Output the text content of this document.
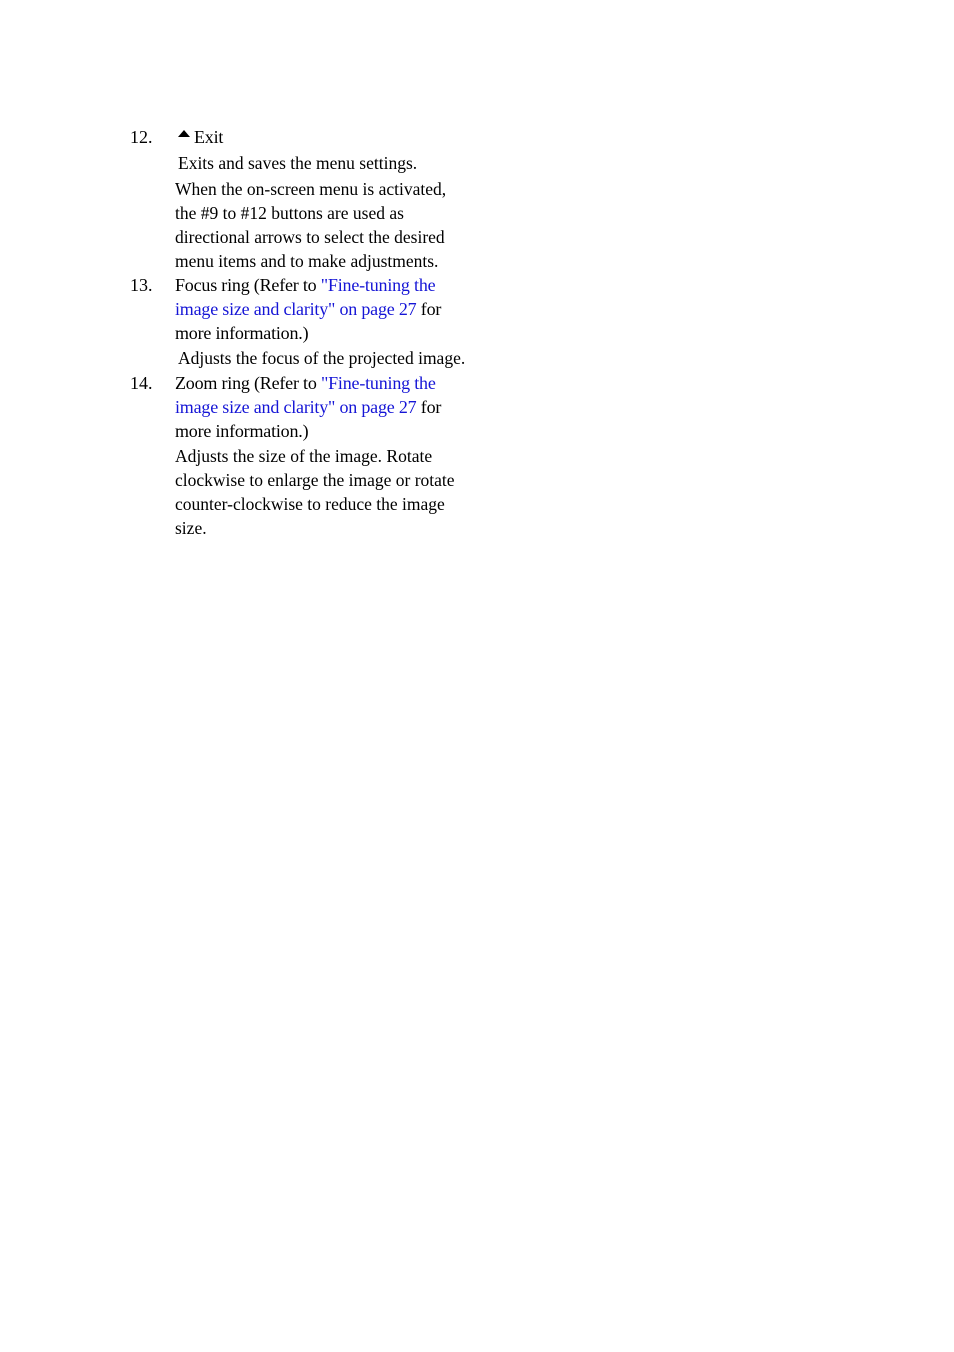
12.	Exit
Exits and saves the menu settings.
When the on-screen menu is activated,
the #9 to #12 buttons are used as
directional arrows to select the desired
menu items and to make adjustments.
13. Focus ring (Refer to "Fine-tuning the
image size and clarity" on page 27 for
more information.)
Adjusts the focus of the projected image.
14. Zoom ring (Refer to "Fine-tuning the
image size and clarity" on page 27 for
more information.)
Adjusts the size of the image. Rotate
clockwise to enlarge the image or rotate
counter-clockwise to reduce the image
size.
